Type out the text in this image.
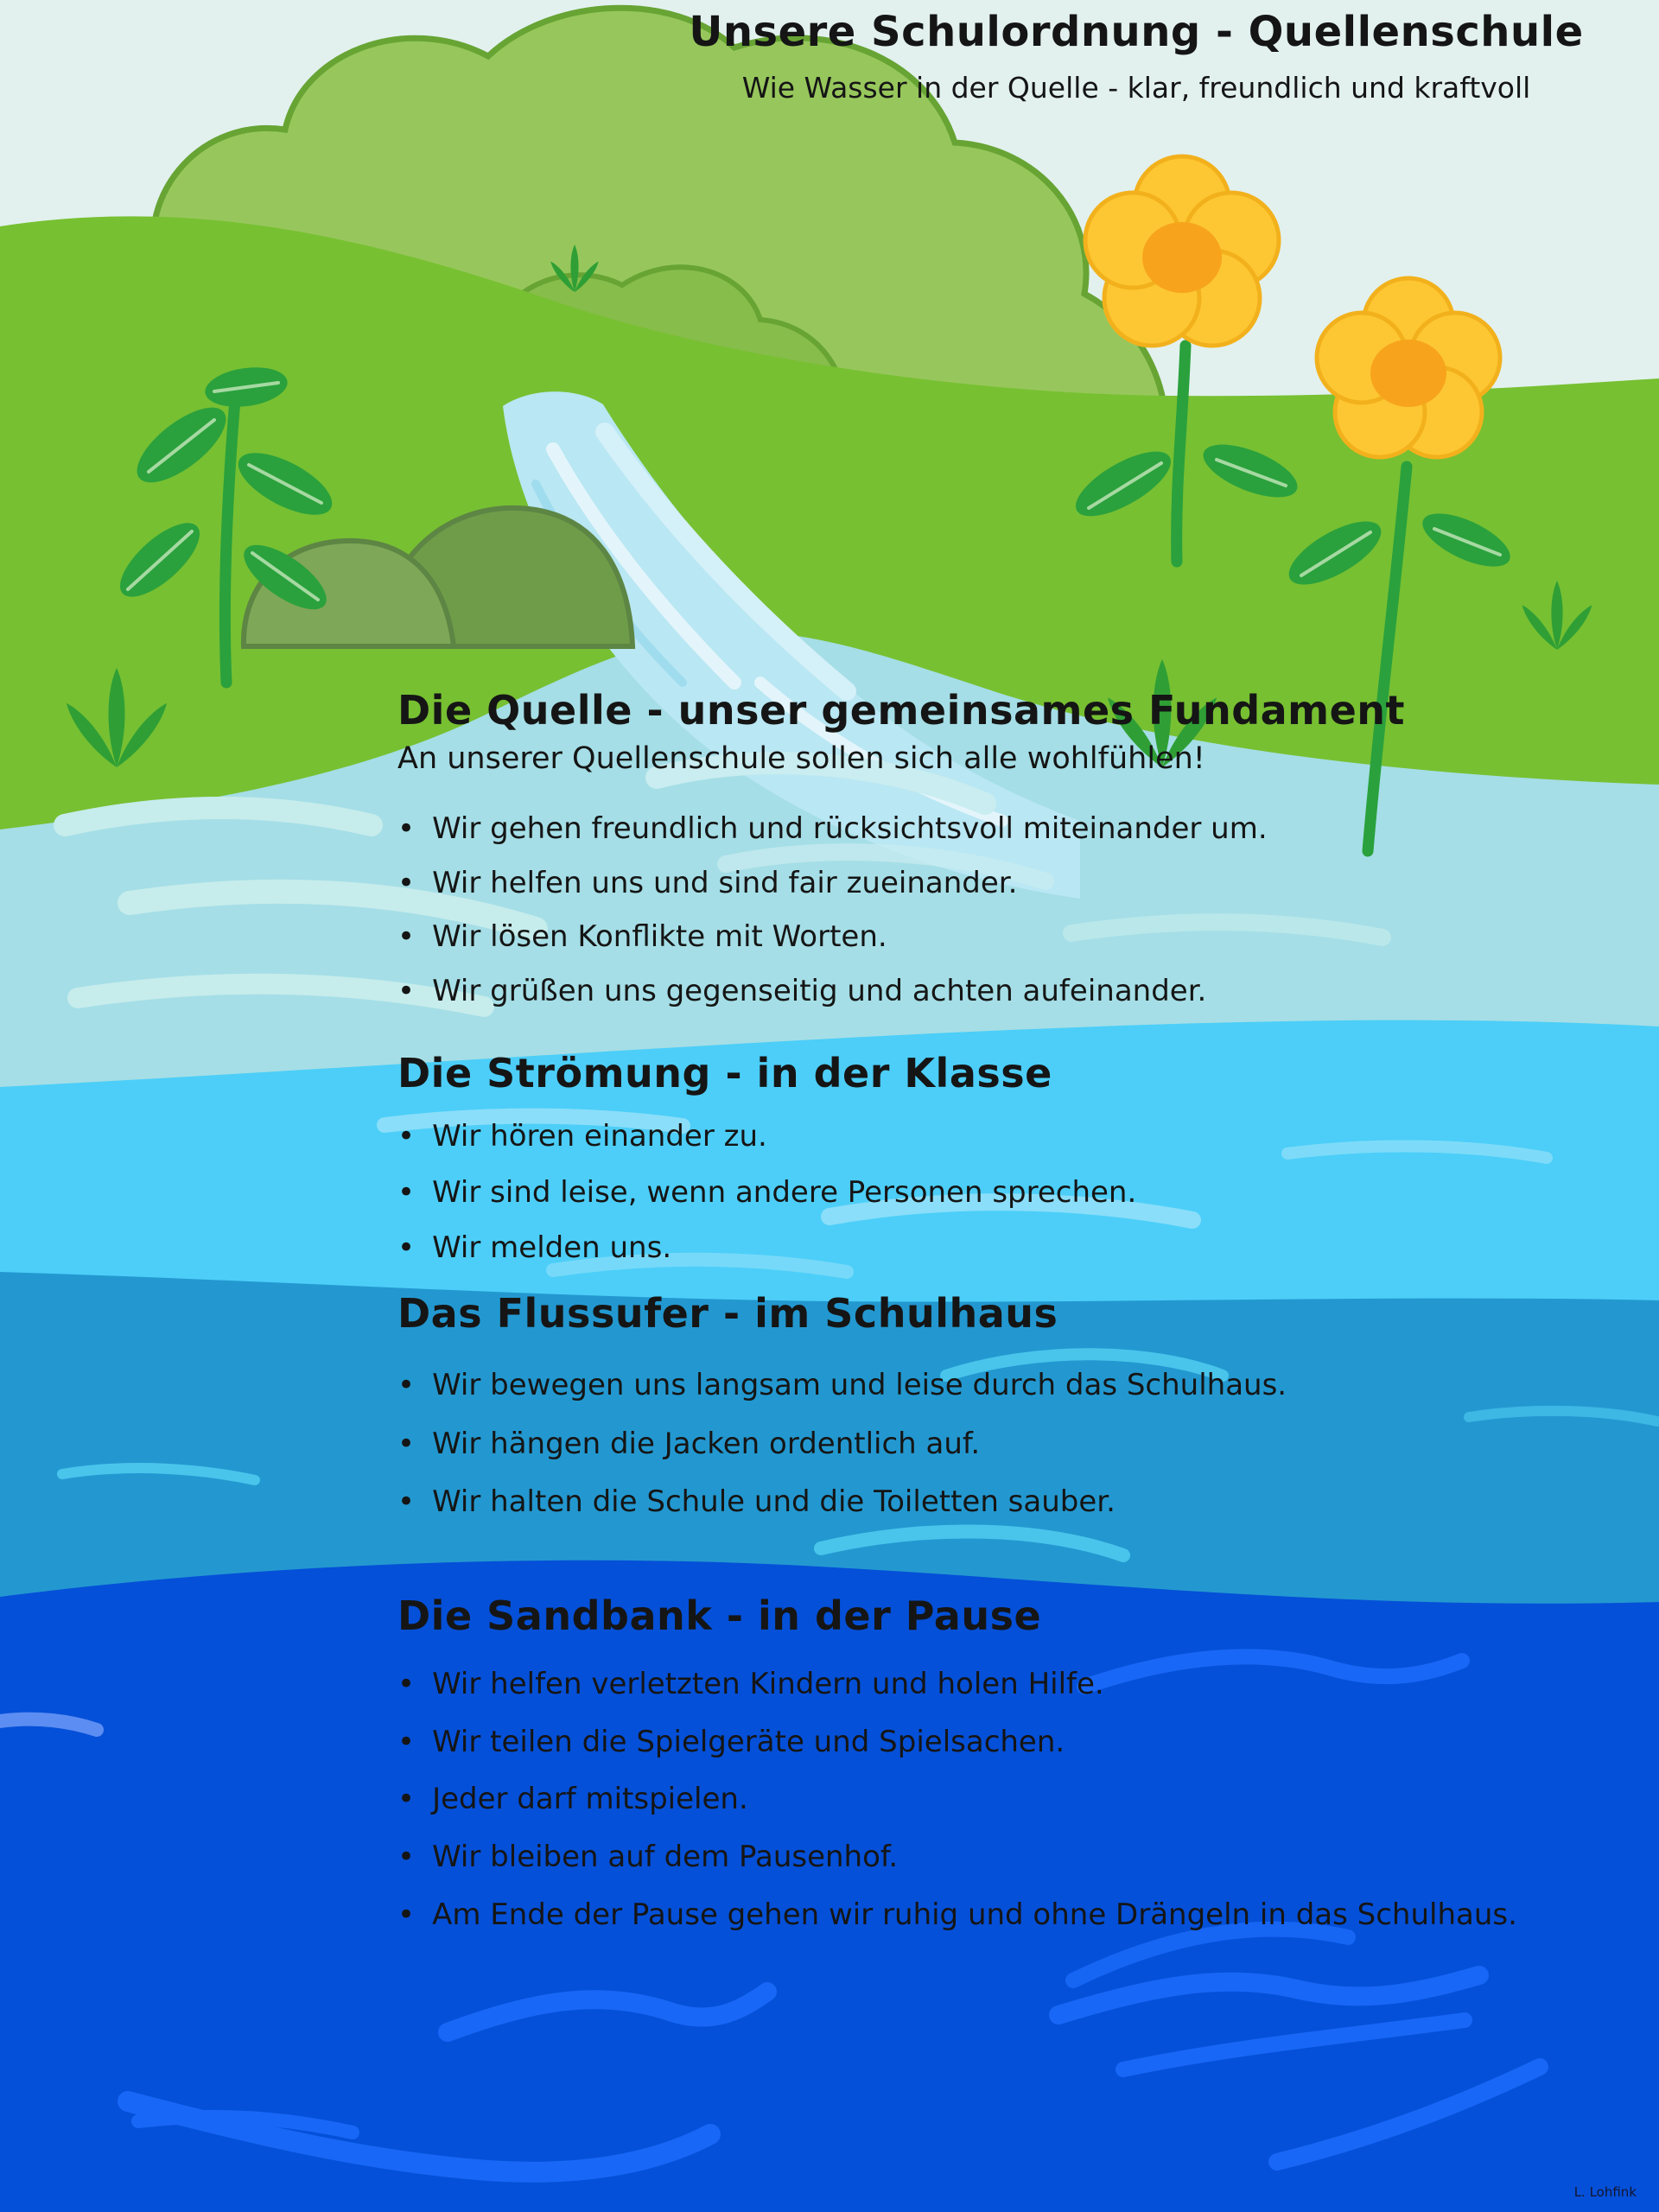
Unsere Schulordnung - Quellenschule

Wie Wasser in der Quelle - klar, freundlich und kraftvoll

Die Quelle - unser gemeinsames Fundament

An unserer Quellenschule sollen sich alle wohlfühlen!

• Wir gehen freundlich und rücksichtsvoll miteinander um.
• Wir helfen uns und sind fair zueinander.
• Wir lösen Konflikte mit Worten.
• Wir grüßen uns gegenseitig und achten aufeinander.
Die Strömung - in der Klasse
• Wir hören einander zu.
• Wir sind leise, wenn andere Personen sprechen.
• Wir melden uns.
Das Flussufer - im Schulhaus
• Wir bewegen uns langsam und leise durch das Schulhaus.
• Wir hängen die Jacken ordentlich auf.
• Wir halten die Schule und die Toiletten sauber.
Die Sandbank - in der Pause
• Wir helfen verletzten Kindern und holen Hilfe.
• Wir teilen die Spielgeräte und Spielsachen.
• Jeder darf mitspielen.
• Wir bleiben auf dem Pausenhof.
• Am Ende der Pause gehen wir ruhig und ohne Drängeln in das Schulhaus.
L. Lohfink
